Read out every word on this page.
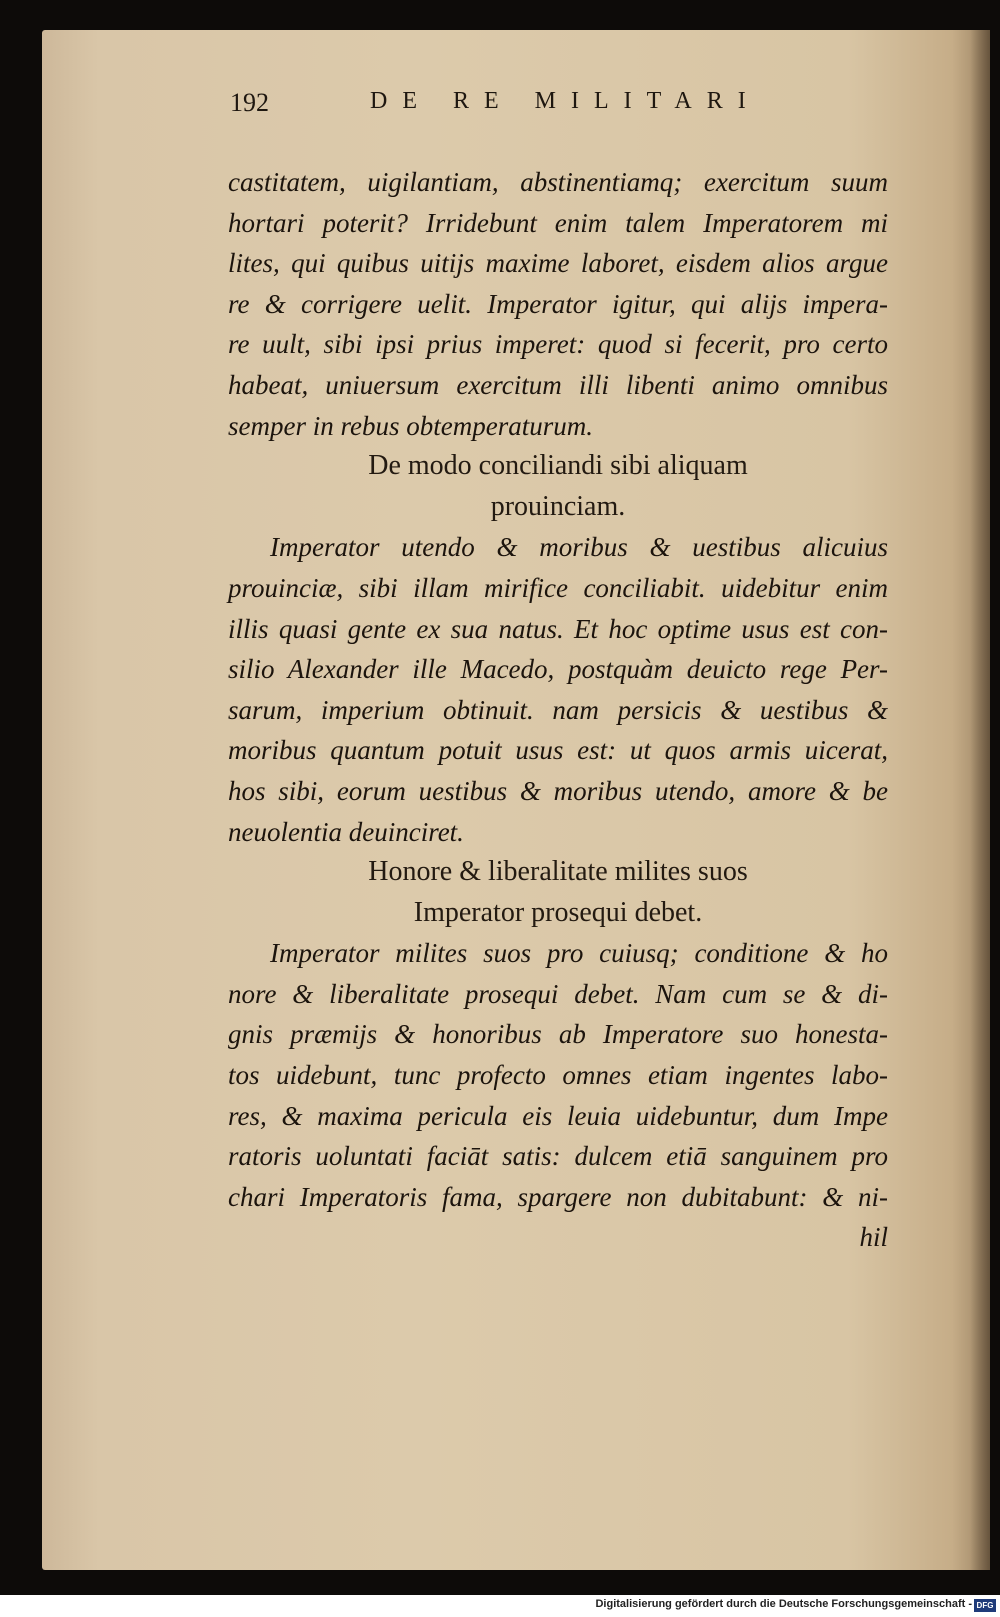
192	DE RE MILITARI
castitatem, uigilantiam, abstinentiamq; exercitum suum
hortari poterit? Irridebunt enim talem Imperatorem mi
lites, qui quibus uitijs maxime laboret, eisdem alios argue
re & corrigere uelit. Imperator igitur, qui alijs impera-
re uult, sibi ipsi prius imperet: quod si fecerit, pro certo
habeat, uniuersum exercitum illi libenti animo omnibus
semper in rebus obtemperaturum.
De modo conciliandi sibi aliquam
prouinciam.
Imperator utendo & moribus & uestibus alicuius
prouinciæ, sibi illam mirifice conciliabit. uidebitur enim
illis quasi gente ex sua natus. Et hoc optime usus est con-
silio Alexander ille Macedo, postquàm deuicto rege Per-
sarum, imperium obtinuit. nam persicis & uestibus &
moribus quantum potuit usus est: ut quos armis uicerat,
hos sibi, eorum uestibus & moribus utendo, amore & be
neuolentia deuinciret.
Honore & liberalitate milites suos
Imperator prosequi debet.
Imperator milites suos pro cuiusq; conditione & ho
nore & liberalitate prosequi debet. Nam cum se & di-
gnis præmijs & honoribus ab Imperatore suo honesta-
tos uidebunt, tunc profecto omnes etiam ingentes labo-
res, & maxima pericula eis leuia uidebuntur, dum Impe
ratoris uoluntati faciāt satis: dulcem etiā sanguinem pro
chari Imperatoris fama, spargere non dubitabunt: & ni-
hil
Digitalisierung gefördert durch die Deutsche Forschungsgemeinschaft - DFG
